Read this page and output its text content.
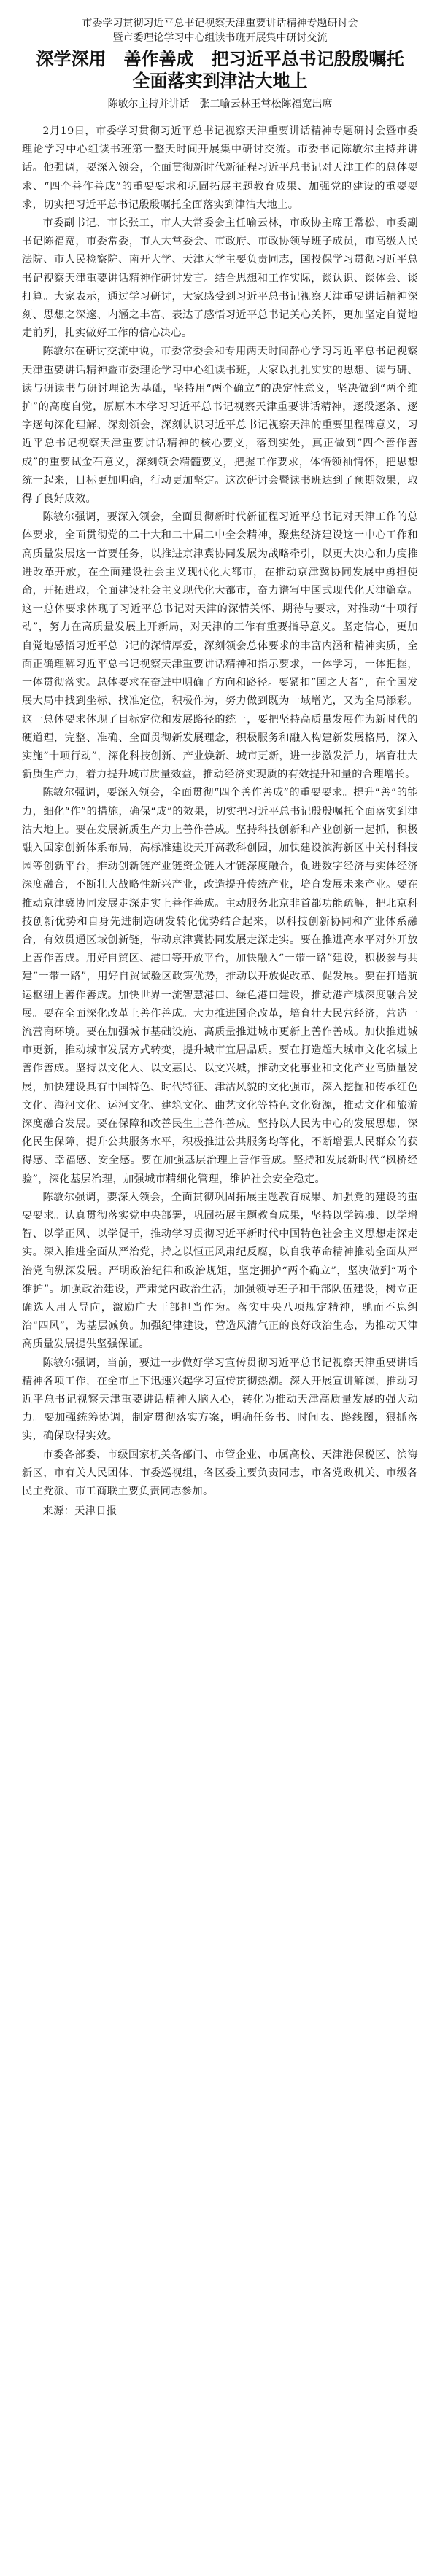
市委学习贯彻习近平总书记视察天津重要讲话精神专题研讨会

暨市委理论学习中心组读书班开展集中研讨交流

深学深用　善作善成　把习近平总书记殷殷嘱托
全面落实到津沽大地上

陈敏尔主持并讲话　张工喻云林王常松陈福宽出席

2月19日，市委学习贯彻习近平总书记视察天津重要讲话精神专题研讨会暨市委理论学习中心组读书班第一整天时间开展集中研讨交流。市委书记陈敏尔主持并讲话。他强调，要深入领会，全面贯彻新时代新征程习近平总书记对天津工作的总体要求、“四个善作善成”的重要要求和巩固拓展主题教育成果、加强党的建设的重要要求，切实把习近平总书记殷殷嘱托全面落实到津沽大地上。

市委副书记、市长张工，市人大常委会主任喻云林，市政协主席王常松，市委副书记陈福宽，市委常委，市人大常委会、市政府、市政协领导班子成员，市高级人民法院、市人民检察院、南开大学、天津大学主要负责同志，国投保学习贯彻习近平总书记视察天津重要讲话精神作研讨发言。结合思想和工作实际，谈认识、谈体会、谈打算。大家表示，通过学习研讨，大家感受到习近平总书记视察天津重要讲话精神深刻、思想之深邃、内涵之丰富、表达了感悟习近平总书记关心关怀，更加坚定自觉地走前列，扎实做好工作的信心决心。

陈敏尔在研讨交流中说，市委常委会和专用两天时间静心学习习近平总书记视察天津重要讲话精神暨市委理论学习中心组读书班，大家以扎扎实实的思想、读与研、读与研读书与研讨理论为基础，坚持用“两个确立”的决定性意义，坚决做到“两个维护”的高度自觉，原原本本学习习近平总书记视察天津重要讲话精神，逐段逐条、逐字逐句深化理解、深刻领会，深刻认识习近平总书记视察天津的重要里程碑意义，习近平总书记视察天津重要讲话精神的核心要义，落到实处，真正做到“四个善作善成”的重要试金石意义，深刻领会精髓要义，把握工作要求，体悟领袖情怀，把思想统一起来，目标更加明确，行动更加坚定。这次研讨会暨读书班达到了预期效果，取得了良好成效。

陈敏尔强调，要深入领会，全面贯彻新时代新征程习近平总书记对天津工作的总体要求，全面贯彻党的二十大和二十届二中全会精神，聚焦经济建设这一中心工作和高质量发展这一首要任务，以推进京津冀协同发展为战略牵引，以更大决心和力度推进改革开放，在全面建设社会主义现代化大都市，在推动京津冀协同发展中勇担使命，开拓进取，全面建设社会主义现代化大都市，奋力谱写中国式现代化天津篇章。这一总体要求体现了习近平总书记对天津的深情关怀、期待与要求，对推动“十项行动”，努力在高质量发展上开新局，对天津的工作有重要指导意义。坚定信心，更加自觉地感悟习近平总书记的深情厚爱，深刻领会总体要求的丰富内涵和精神实质，全面正确理解习近平总书记视察天津重要讲话精神和指示要求，一体学习，一体把握，一体贯彻落实。总体要求在奋进中明确了方向和路径。要紧扣“国之大者”，在全国发展大局中找到坐标、找准定位，积极作为，努力做到既为一域增光，又为全局添彩。这一总体要求体现了目标定位和发展路径的统一，要把坚持高质量发展作为新时代的硬道理，完整、准确、全面贯彻新发展理念，积极服务和融入构建新发展格局，深入实施“十项行动”，深化科技创新、产业焕新、城市更新，进一步激发活力，培育壮大新质生产力，着力提升城市质量效益，推动经济实现质的有效提升和量的合理增长。

陈敏尔强调，要深入领会，全面贯彻“四个善作善成”的重要要求。提升“善”的能力，细化“作”的措施，确保“成”的效果，切实把习近平总书记殷殷嘱托全面落实到津沽大地上。要在发展新质生产力上善作善成。坚持科技创新和产业创新一起抓，积极融入国家创新体系布局，高标准建设天开高教科创园，加快建设滨海新区中关村科技园等创新平台，推动创新链产业链资金链人才链深度融合，促进数字经济与实体经济深度融合，不断壮大战略性新兴产业，改造提升传统产业，培育发展未来产业。要在推动京津冀协同发展走深走实上善作善成。主动服务北京非首都功能疏解，把北京科技创新优势和自身先进制造研发转化优势结合起来，以科技创新协同和产业体系融合，有效贯通区域创新链，带动京津冀协同发展走深走实。要在推进高水平对外开放上善作善成。用好自贸区、港口等开放平台，加快融入“一带一路”建设，积极参与共建“一带一路”，用好自贸试验区政策优势，推动以开放促改革、促发展。要在打造航运枢纽上善作善成。加快世界一流智慧港口、绿色港口建设，推动港产城深度融合发展。要在全面深化改革上善作善成。大力推进国企改革，培育壮大民营经济，营造一流营商环境。要在加强城市基础设施、高质量推进城市更新上善作善成。加快推进城市更新，推动城市发展方式转变，提升城市宜居品质。要在打造超大城市文化名城上善作善成。坚持以文化人、以文惠民、以文兴城，推动文化事业和文化产业高质量发展，加快建设具有中国特色、时代特征、津沽风貌的文化强市，深入挖掘和传承红色文化、海河文化、运河文化、建筑文化、曲艺文化等特色文化资源，推动文化和旅游深度融合发展。要在保障和改善民生上善作善成。坚持以人民为中心的发展思想，深化民生保障，提升公共服务水平，积极推进公共服务均等化，不断增强人民群众的获得感、幸福感、安全感。要在加强基层治理上善作善成。坚持和发展新时代“枫桥经验”，深化基层治理，加强城市精细化管理，维护社会安全稳定。

陈敏尔强调，要深入领会，全面贯彻巩固拓展主题教育成果、加强党的建设的重要要求。认真贯彻落实党中央部署，巩固拓展主题教育成果，坚持以学铸魂、以学增智、以学正风、以学促干，推动学习贯彻习近平新时代中国特色社会主义思想走深走实。深入推进全面从严治党，持之以恒正风肃纪反腐，以自我革命精神推动全面从严治党向纵深发展。严明政治纪律和政治规矩，坚定拥护“两个确立”，坚决做到“两个维护”。加强政治建设，严肃党内政治生活，加强领导班子和干部队伍建设，树立正确选人用人导向，激励广大干部担当作为。落实中央八项规定精神，驰而不息纠治“四风”，为基层减负。加强纪律建设，营造风清气正的良好政治生态，为推动天津高质量发展提供坚强保证。

陈敏尔强调，当前，要进一步做好学习宣传贯彻习近平总书记视察天津重要讲话精神各项工作，在全市上下迅速兴起学习宣传贯彻热潮。深入开展宣讲解读，推动习近平总书记视察天津重要讲话精神入脑入心，转化为推动天津高质量发展的强大动力。要加强统筹协调，制定贯彻落实方案，明确任务书、时间表、路线图，狠抓落实，确保取得实效。

市委各部委、市级国家机关各部门、市管企业、市属高校、天津港保税区、滨海新区，市有关人民团体、市委巡视组，各区委主要负责同志，市各党政机关、市级各民主党派、市工商联主要负责同志参加。

来源：天津日报
